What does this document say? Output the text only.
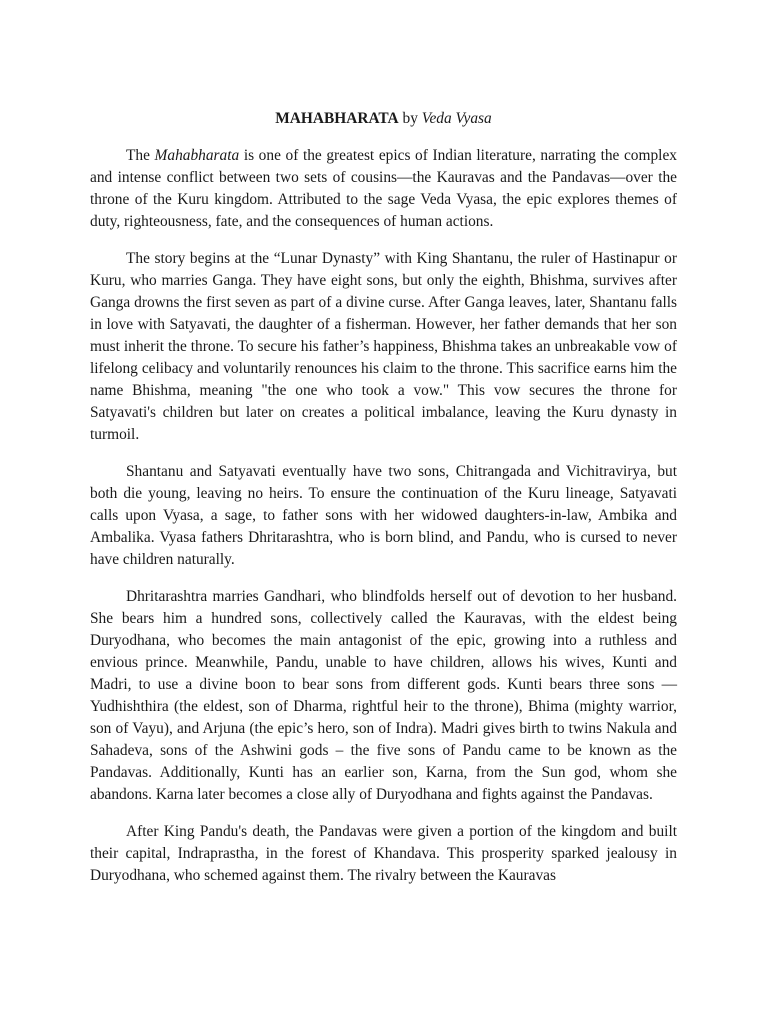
MAHABHARATA by Veda Vyasa

The Mahabharata is one of the greatest epics of Indian literature, narrating the complex and intense conflict between two sets of cousins—the Kauravas and the Pandavas—over the throne of the Kuru kingdom. Attributed to the sage Veda Vyasa, the epic explores themes of duty, righteousness, fate, and the consequences of human actions.

The story begins at the “Lunar Dynasty” with King Shantanu, the ruler of Hastinapur or Kuru, who marries Ganga. They have eight sons, but only the eighth, Bhishma, survives after Ganga drowns the first seven as part of a divine curse. After Ganga leaves, later, Shantanu falls in love with Satyavati, the daughter of a fisherman. However, her father demands that her son must inherit the throne. To secure his father’s happiness, Bhishma takes an unbreakable vow of lifelong celibacy and voluntarily renounces his claim to the throne. This sacrifice earns him the name Bhishma, meaning "the one who took a vow." This vow secures the throne for Satyavati's children but later on creates a political imbalance, leaving the Kuru dynasty in turmoil.

Shantanu and Satyavati eventually have two sons, Chitrangada and Vichitravirya, but both die young, leaving no heirs. To ensure the continuation of the Kuru lineage, Satyavati calls upon Vyasa, a sage, to father sons with her widowed daughters-in-law, Ambika and Ambalika. Vyasa fathers Dhritarashtra, who is born blind, and Pandu, who is cursed to never have children naturally.

Dhritarashtra marries Gandhari, who blindfolds herself out of devotion to her husband. She bears him a hundred sons, collectively called the Kauravas, with the eldest being Duryodhana, who becomes the main antagonist of the epic, growing into a ruthless and envious prince. Meanwhile, Pandu, unable to have children, allows his wives, Kunti and Madri, to use a divine boon to bear sons from different gods. Kunti bears three sons —Yudhishthira (the eldest, son of Dharma, rightful heir to the throne), Bhima (mighty warrior, son of Vayu), and Arjuna (the epic’s hero, son of Indra). Madri gives birth to twins Nakula and Sahadeva, sons of the Ashwini gods – the five sons of Pandu came to be known as the Pandavas. Additionally, Kunti has an earlier son, Karna, from the Sun god, whom she abandons. Karna later becomes a close ally of Duryodhana and fights against the Pandavas.

After King Pandu's death, the Pandavas were given a portion of the kingdom and built their capital, Indraprastha, in the forest of Khandava. This prosperity sparked jealousy in Duryodhana, who schemed against them. The rivalry between the Kauravas
